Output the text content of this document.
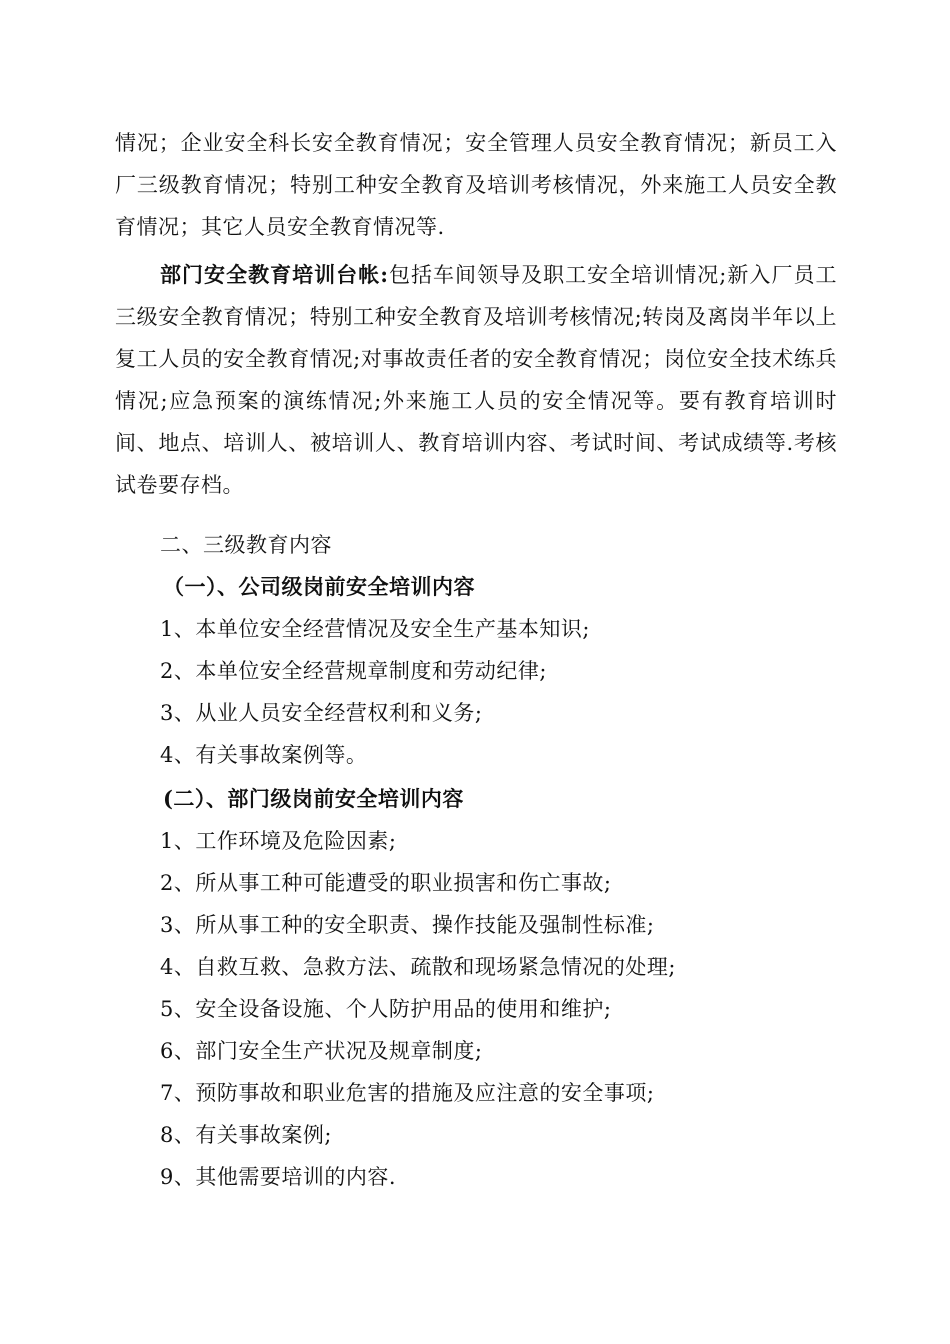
情况；企业安全科长安全教育情况；安全管理人员安全教育情况；新员工入厂三级教育情况；特别工种安全教育及培训考核情况，外来施工人员安全教育情况；其它人员安全教育情况等.

部门安全教育培训台帐:包括车间领导及职工安全培训情况;新入厂员工三级安全教育情况；特别工种安全教育及培训考核情况;转岗及离岗半年以上复工人员的安全教育情况;对事故责任者的安全教育情况；岗位安全技术练兵情况;应急预案的演练情况;外来施工人员的安全情况等。要有教育培训时间、地点、培训人、被培训人、教育培训内容、考试时间、考试成绩等.考核试卷要存档。

二、三级教育内容

（一）、公司级岗前安全培训内容

1、本单位安全经营情况及安全生产基本知识;

2、本单位安全经营规章制度和劳动纪律;

3、从业人员安全经营权利和义务;

4、有关事故案例等。

(二）、部门级岗前安全培训内容

1、工作环境及危险因素;

2、所从事工种可能遭受的职业损害和伤亡事故;

3、所从事工种的安全职责、操作技能及强制性标准;

4、自救互救、急救方法、疏散和现场紧急情况的处理;

5、安全设备设施、个人防护用品的使用和维护;

6、部门安全生产状况及规章制度;

7、预防事故和职业危害的措施及应注意的安全事项;

8、有关事故案例;

9、其他需要培训的内容.
